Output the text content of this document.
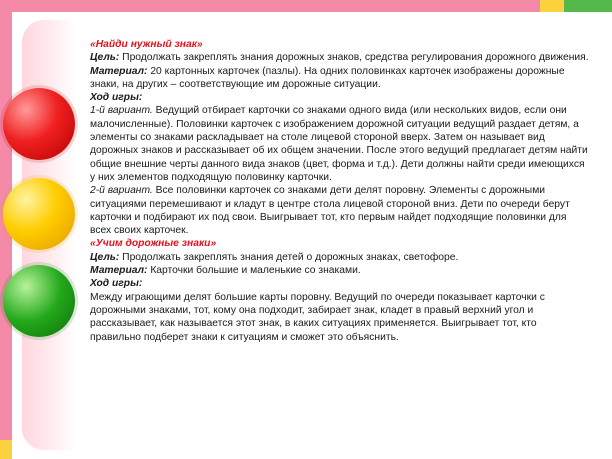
«Найди нужный знак»

Цель: Продолжать закреплять знания дорожных знаков, средства регулирования дорожного движения.

Материал: 20 картонных карточек (пазлы). На одних половинках карточек изображены дорожные знаки, на других – соответствующие им дорожные ситуации.

Ход игры:

1-й вариант. Ведущий отбирает карточки со знаками одного вида (или нескольких видов, если они малочисленные). Половинки карточек с изображением дорожной ситуации ведущий раздает детям, а элементы со знаками раскладывает на столе лицевой стороной вверх. Затем он называет вид дорожных знаков и рассказывает об их общем значении. После этого ведущий предлагает детям найти общие внешние черты данного вида знаков (цвет, форма и т.д.). Дети должны найти среди имеющихся у них элементов подходящую половинку карточки.

2-й вариант. Все половинки карточек со знаками дети делят поровну. Элементы с дорожными ситуациями перемешивают и кладут в центре стола лицевой стороной вниз. Дети по очереди берут карточки и подбирают их под свои. Выигрывает тот, кто первым найдет подходящие половинки для всех своих карточек.

«Учим дорожные знаки»

Цель: Продолжать закреплять знания детей о дорожных знаках, светофоре.

Материал: Карточки большие и маленькие со знаками.

Ход игры:

Между играющими делят большие карты поровну. Ведущий по очереди показывает карточки с дорожными знаками, тот, кому она подходит, забирает знак, кладет в правый верхний угол и рассказывает, как называется этот знак, в каких ситуациях применяется. Выигрывает тот, кто правильно подберет знаки к ситуациям и сможет это объяснить.
